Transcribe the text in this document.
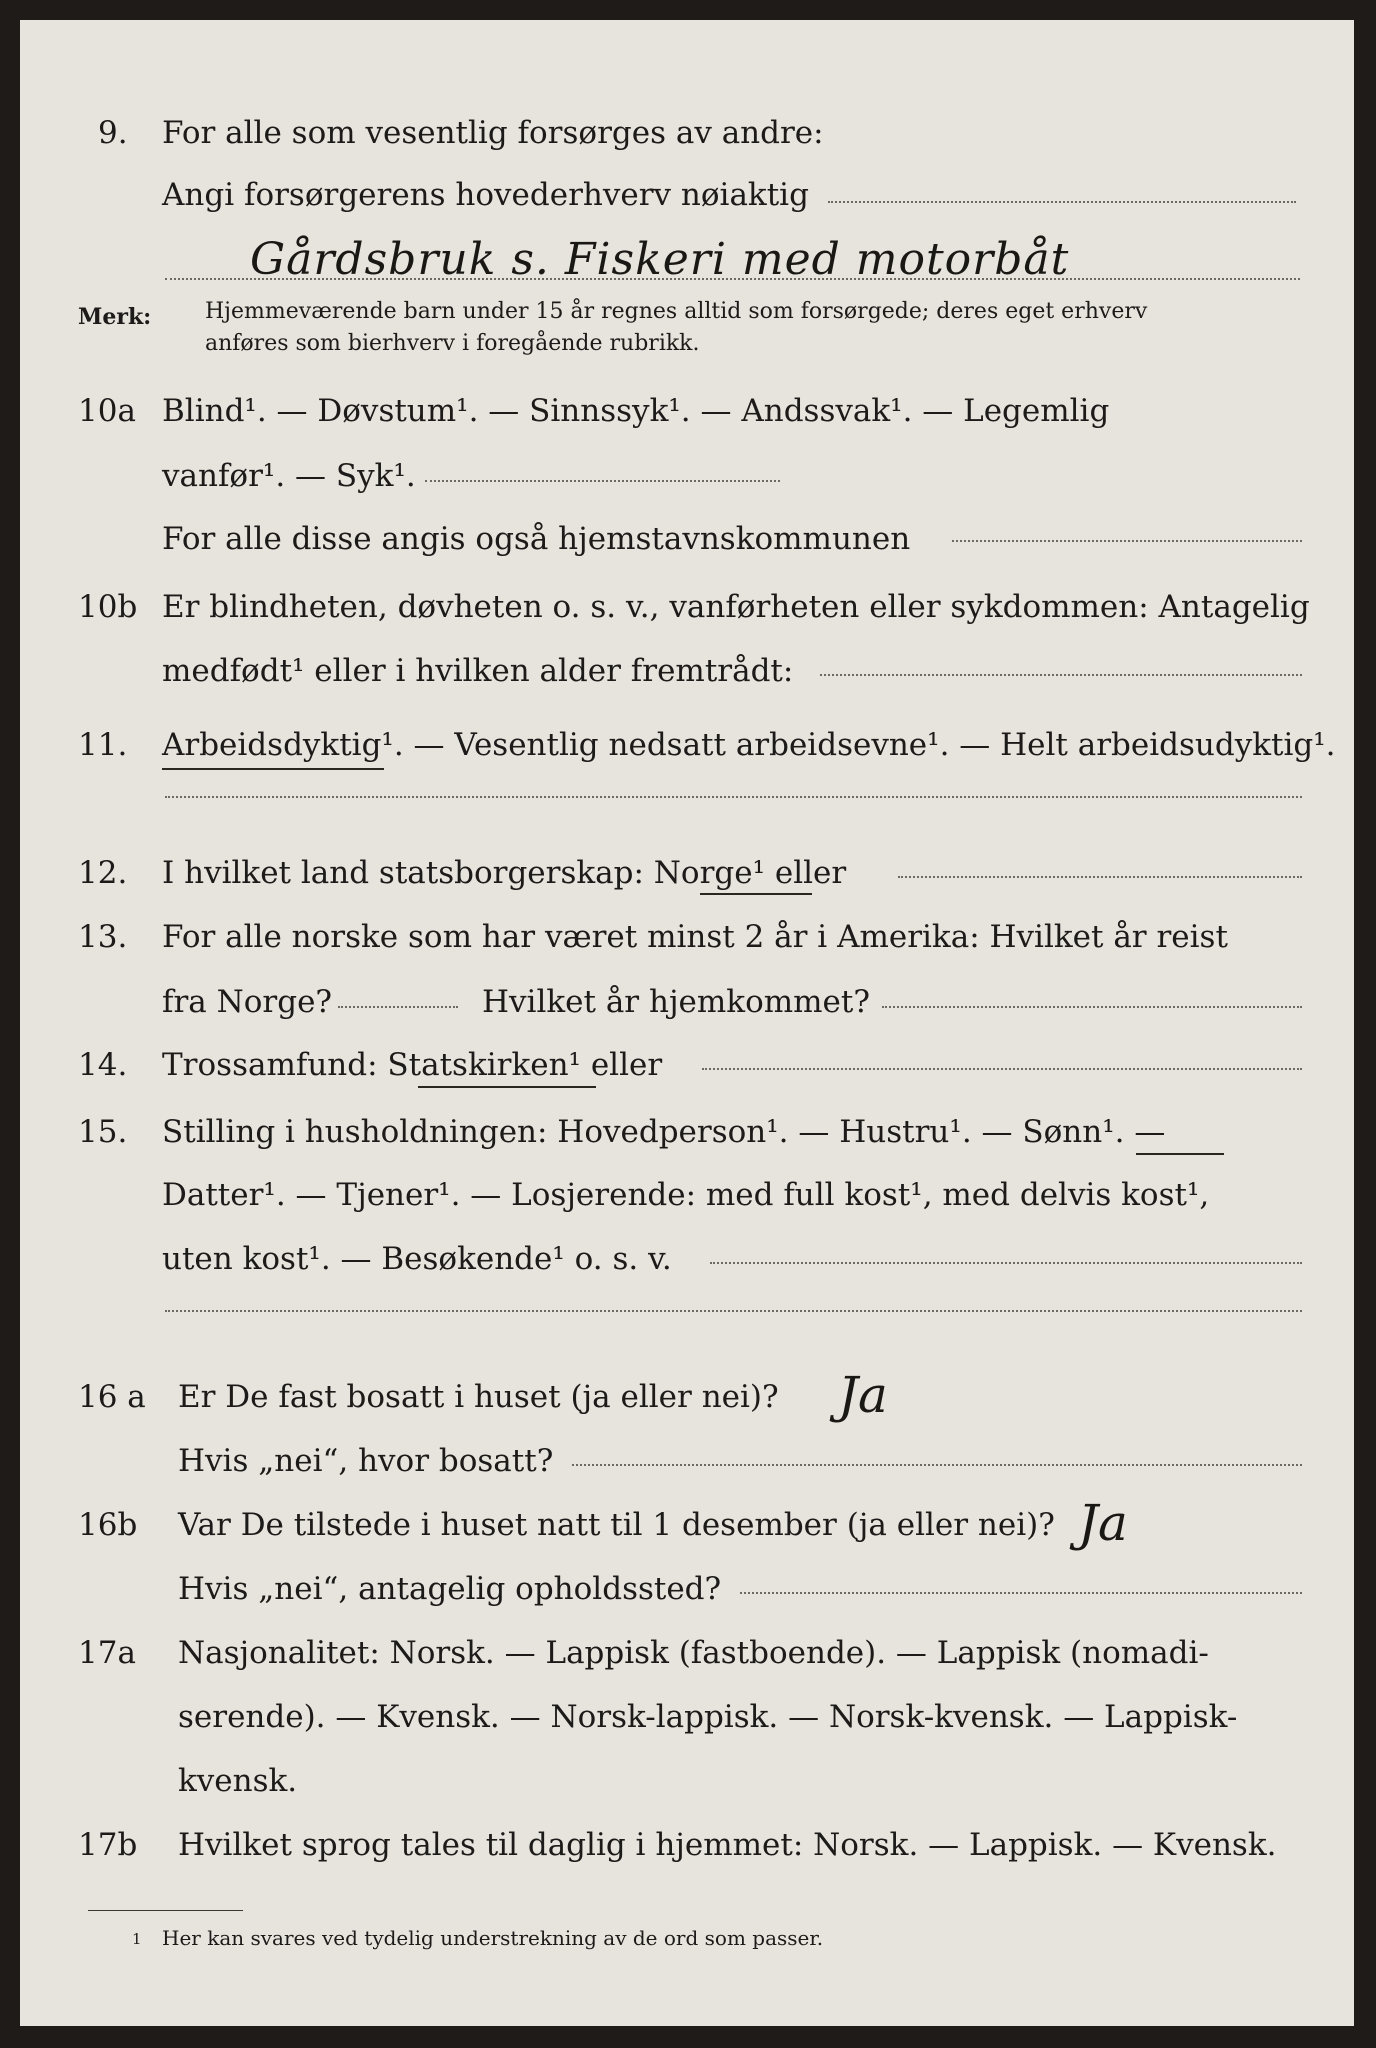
9. For alle som vesentlig forsørges av andre:
Angi forsørgerens hovederhverv nøiaktig
Gårdsbruk s. Fiskeri med motorbåt
Merk: Hjemmeværende barn under 15 år regnes alltid som forsørgede; deres eget erhverv
anføres som bierhverv i foregående rubrikk.
10a Blind¹. — Døvstum¹. — Sinnssyk¹. — Andssvak¹. — Legemlig
vanfør¹. — Syk¹.
For alle disse angis også hjemstavnskommunen
10b Er blindheten, døvheten o. s. v., vanførheten eller sykdommen: Antagelig
medfødt¹ eller i hvilken alder fremtrådt:
11. Arbeidsdyktig¹. — Vesentlig nedsatt arbeidsevne¹. — Helt arbeidsudyktig¹.
12. I hvilket land statsborgerskap: Norge¹ eller
13. For alle norske som har været minst 2 år i Amerika: Hvilket år reist
fra Norge?	Hvilket år hjemkommet?
14. Trossamfund: Statskirken¹ eller
15. Stilling i husholdningen: Hovedperson¹. — Hustru¹. — Sønn¹. —
Datter¹. — Tjener¹. — Losjerende: med full kost¹, med delvis kost¹,
uten kost¹. — Besøkende¹ o. s. v.
16 a Er De fast bosatt i huset (ja eller nei)? Ja
Hvis „nei“, hvor bosatt?
16b Var De tilstede i huset natt til 1 desember (ja eller nei)? Ja
Hvis „nei“, antagelig opholdssted?
17a Nasjonalitet: Norsk. — Lappisk (fastboende). — Lappisk (nomadi-
serende). — Kvensk. — Norsk-lappisk. — Norsk-kvensk. — Lappisk-
kvensk.
17b Hvilket sprog tales til daglig i hjemmet: Norsk. — Lappisk. — Kvensk.
1 Her kan svares ved tydelig understrekning av de ord som passer.
